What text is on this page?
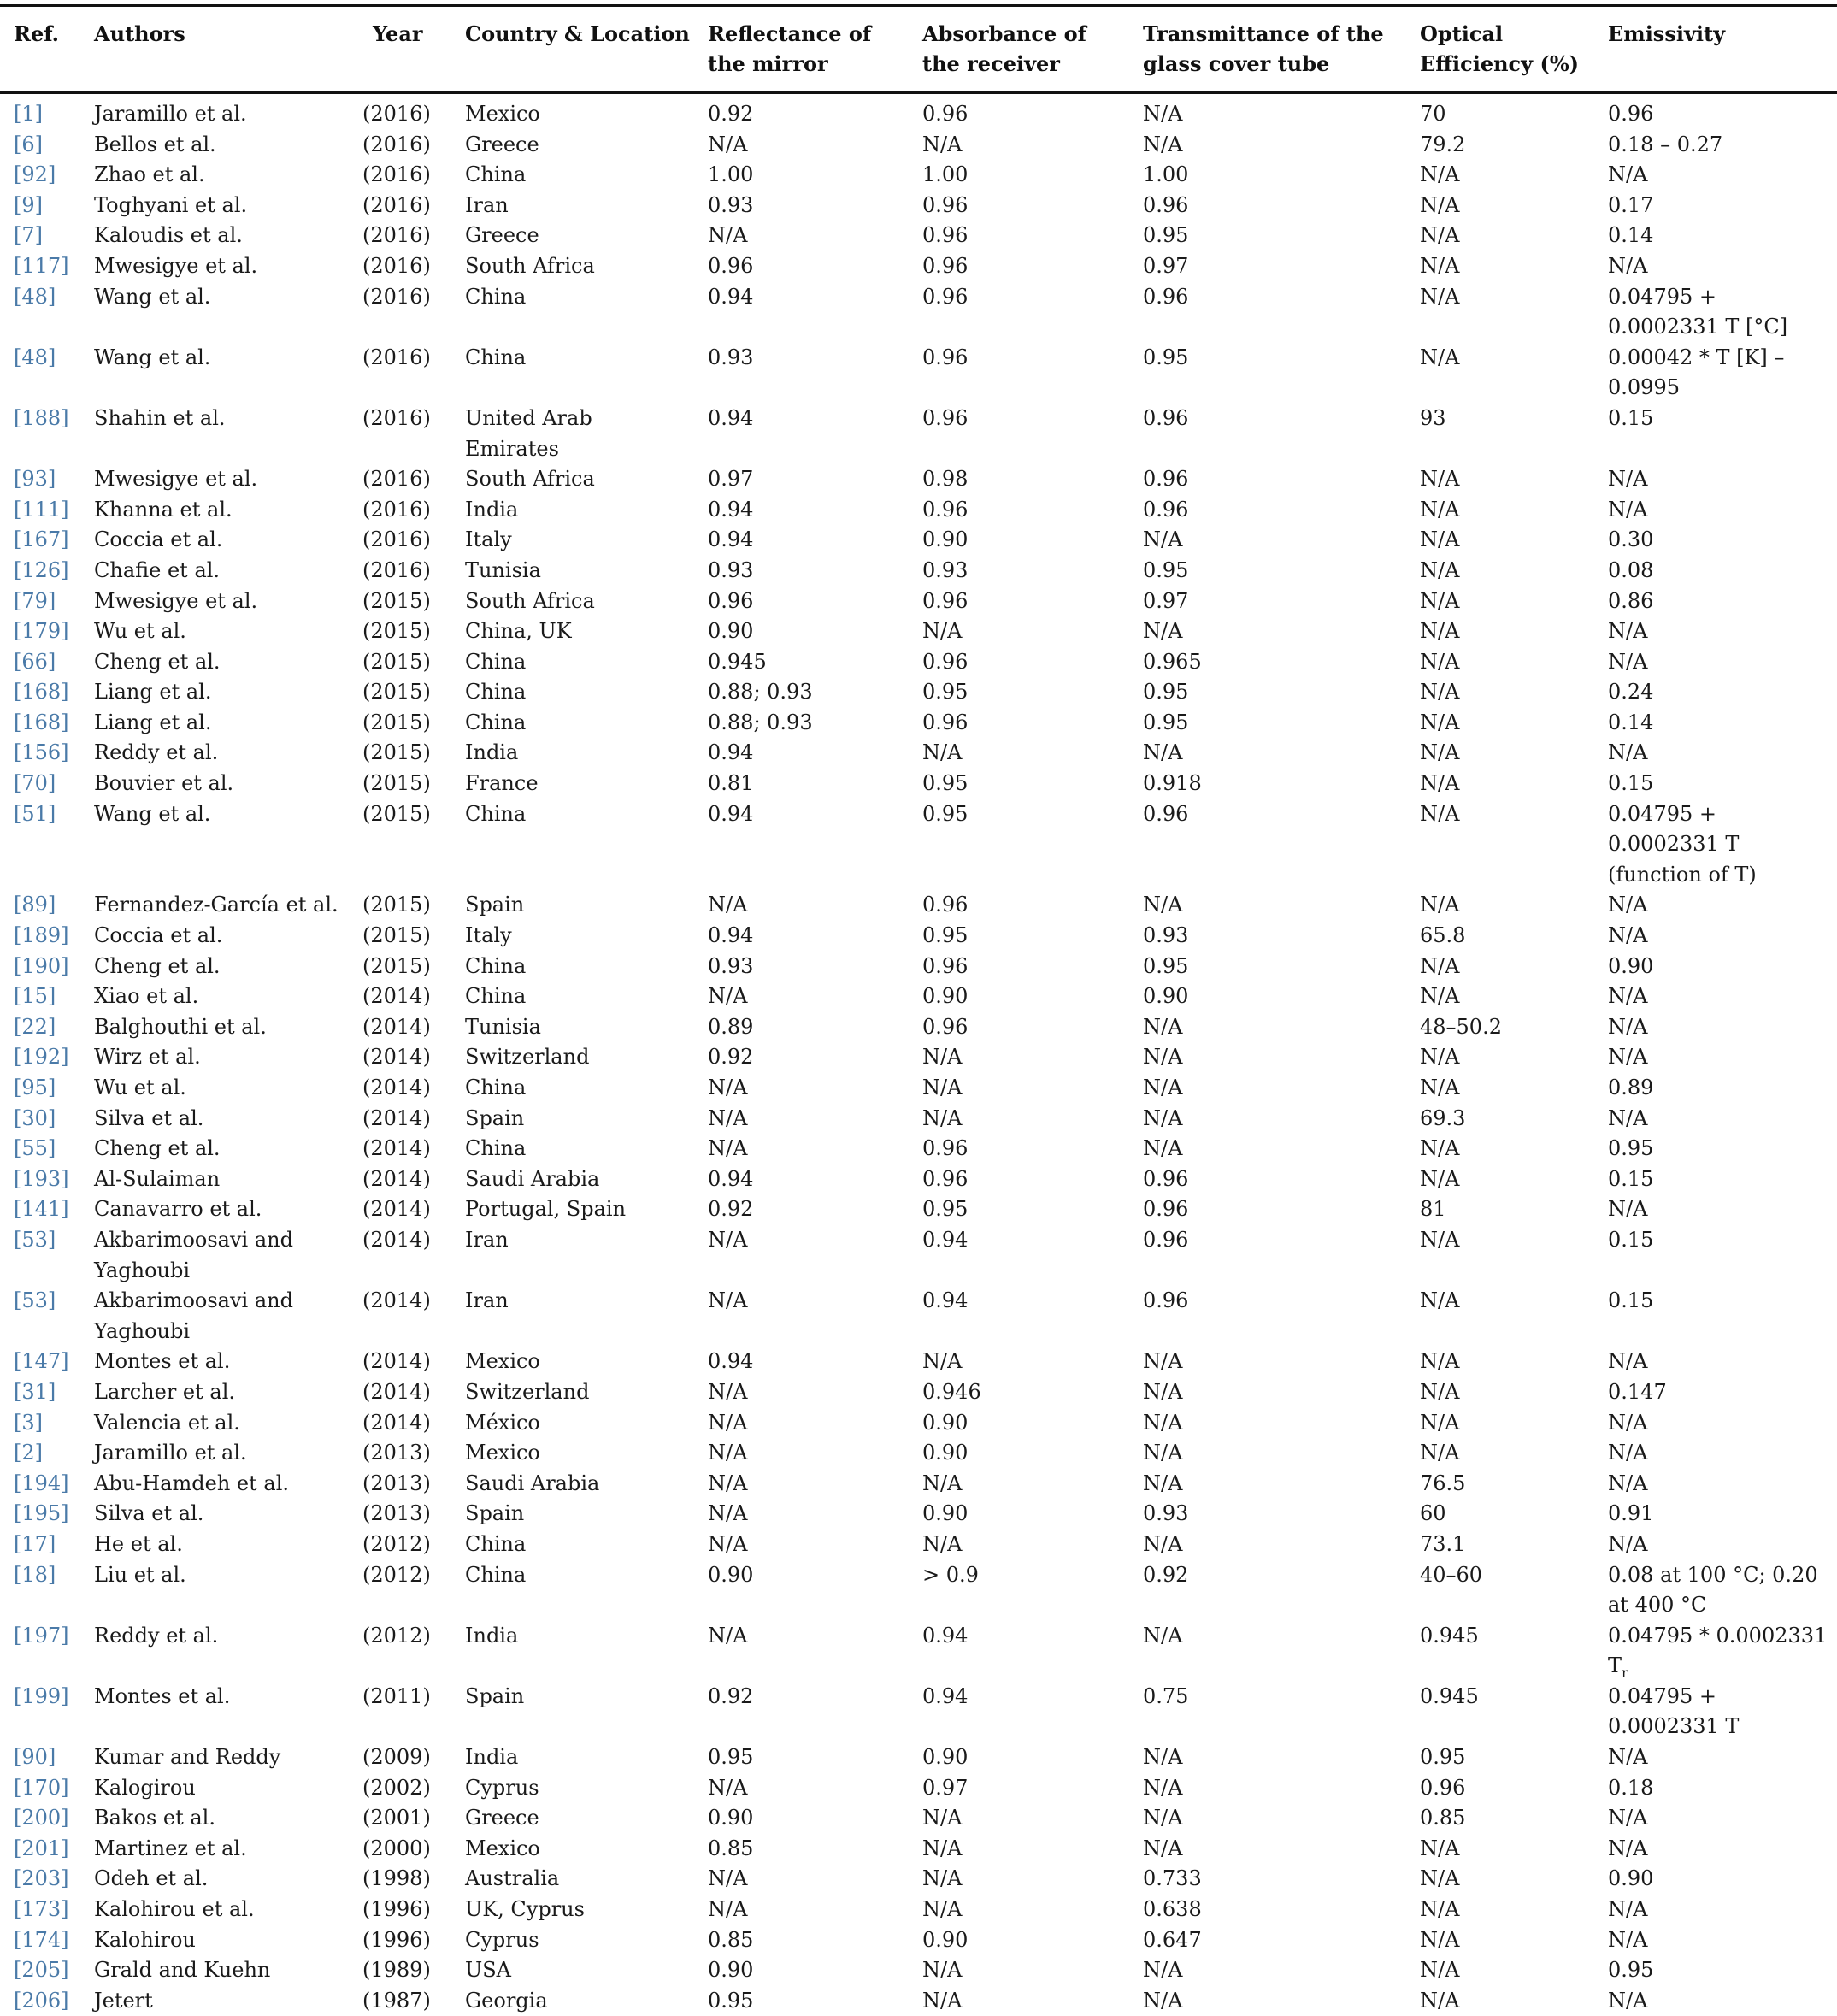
Ref.	Authors	Year	Country & Location	Reflectance of the mirror	Absorbance of the receiver	Transmittance of the glass cover tube	Optical Efficiency (%)	Emissivity
[1]	Jaramillo et al.	(2016)	Mexico	0.92	0.96	N/A	70	0.96
[6]	Bellos et al.	(2016)	Greece	N/A	N/A	N/A	79.2	0.18 – 0.27
[92]	Zhao et al.	(2016)	China	1.00	1.00	1.00	N/A	N/A
[9]	Toghyani et al.	(2016)	Iran	0.93	0.96	0.96	N/A	0.17
[7]	Kaloudis et al.	(2016)	Greece	N/A	0.96	0.95	N/A	0.14
[117]	Mwesigye et al.	(2016)	South Africa	0.96	0.96	0.97	N/A	N/A
[48]	Wang et al.	(2016)	China	0.94	0.96	0.96	N/A	0.04795 + 0.0002331 T [°C]
[48]	Wang et al.	(2016)	China	0.93	0.96	0.95	N/A	0.00042 * T [K] – 0.0995
[188]	Shahin et al.	(2016)	United Arab Emirates	0.94	0.96	0.96	93	0.15
[93]	Mwesigye et al.	(2016)	South Africa	0.97	0.98	0.96	N/A	N/A
[111]	Khanna et al.	(2016)	India	0.94	0.96	0.96	N/A	N/A
[167]	Coccia et al.	(2016)	Italy	0.94	0.90	N/A	N/A	0.30
[126]	Chafie et al.	(2016)	Tunisia	0.93	0.93	0.95	N/A	0.08
[79]	Mwesigye et al.	(2015)	South Africa	0.96	0.96	0.97	N/A	0.86
[179]	Wu et al.	(2015)	China, UK	0.90	N/A	N/A	N/A	N/A
[66]	Cheng et al.	(2015)	China	0.945	0.96	0.965	N/A	N/A
[168]	Liang et al.	(2015)	China	0.88; 0.93	0.95	0.95	N/A	0.24
[168]	Liang et al.	(2015)	China	0.88; 0.93	0.96	0.95	N/A	0.14
[156]	Reddy et al.	(2015)	India	0.94	N/A	N/A	N/A	N/A
[70]	Bouvier et al.	(2015)	France	0.81	0.95	0.918	N/A	0.15
[51]	Wang et al.	(2015)	China	0.94	0.95	0.96	N/A	0.04795 + 0.0002331 T (function of T)
[89]	Fernandez-García et al.	(2015)	Spain	N/A	0.96	N/A	N/A	N/A
[189]	Coccia et al.	(2015)	Italy	0.94	0.95	0.93	65.8	N/A
[190]	Cheng et al.	(2015)	China	0.93	0.96	0.95	N/A	0.90
[15]	Xiao et al.	(2014)	China	N/A	0.90	0.90	N/A	N/A
[22]	Balghouthi et al.	(2014)	Tunisia	0.89	0.96	N/A	48–50.2	N/A
[192]	Wirz et al.	(2014)	Switzerland	0.92	N/A	N/A	N/A	N/A
[95]	Wu et al.	(2014)	China	N/A	N/A	N/A	N/A	0.89
[30]	Silva et al.	(2014)	Spain	N/A	N/A	N/A	69.3	N/A
[55]	Cheng et al.	(2014)	China	N/A	0.96	N/A	N/A	0.95
[193]	Al-Sulaiman	(2014)	Saudi Arabia	0.94	0.96	0.96	N/A	0.15
[141]	Canavarro et al.	(2014)	Portugal, Spain	0.92	0.95	0.96	81	N/A
[53]	Akbarimoosavi and Yaghoubi	(2014)	Iran	N/A	0.94	0.96	N/A	0.15
[53]	Akbarimoosavi and Yaghoubi	(2014)	Iran	N/A	0.94	0.96	N/A	0.15
[147]	Montes et al.	(2014)	Mexico	0.94	N/A	N/A	N/A	N/A
[31]	Larcher et al.	(2014)	Switzerland	N/A	0.946	N/A	N/A	0.147
[3]	Valencia et al.	(2014)	México	N/A	0.90	N/A	N/A	N/A
[2]	Jaramillo et al.	(2013)	Mexico	N/A	0.90	N/A	N/A	N/A
[194]	Abu-Hamdeh et al.	(2013)	Saudi Arabia	N/A	N/A	N/A	76.5	N/A
[195]	Silva et al.	(2013)	Spain	N/A	0.90	0.93	60	0.91
[17]	He et al.	(2012)	China	N/A	N/A	N/A	73.1	N/A
[18]	Liu et al.	(2012)	China	0.90	> 0.9	0.92	40–60	0.08 at 100 °C; 0.20 at 400 °C
[197]	Reddy et al.	(2012)	India	N/A	0.94	N/A	0.945	0.04795 * 0.0002331 $T_r$
[199]	Montes et al.	(2011)	Spain	0.92	0.94	0.75	0.945	0.04795 + 0.0002331 T
[90]	Kumar and Reddy	(2009)	India	0.95	0.90	N/A	0.95	N/A
[170]	Kalogirou	(2002)	Cyprus	N/A	0.97	N/A	0.96	0.18
[200]	Bakos et al.	(2001)	Greece	0.90	N/A	N/A	0.85	N/A
[201]	Martinez et al.	(2000)	Mexico	0.85	N/A	N/A	N/A	N/A
[203]	Odeh et al.	(1998)	Australia	N/A	N/A	0.733	N/A	0.90
[173]	Kalohirou et al.	(1996)	UK, Cyprus	N/A	N/A	0.638	N/A	N/A
[174]	Kalohirou	(1996)	Cyprus	0.85	0.90	0.647	N/A	N/A
[205]	Grald and Kuehn	(1989)	USA	0.90	N/A	N/A	N/A	0.95
[206]	Jetert	(1987)	Georgia	0.95	N/A	N/A	N/A	N/A
